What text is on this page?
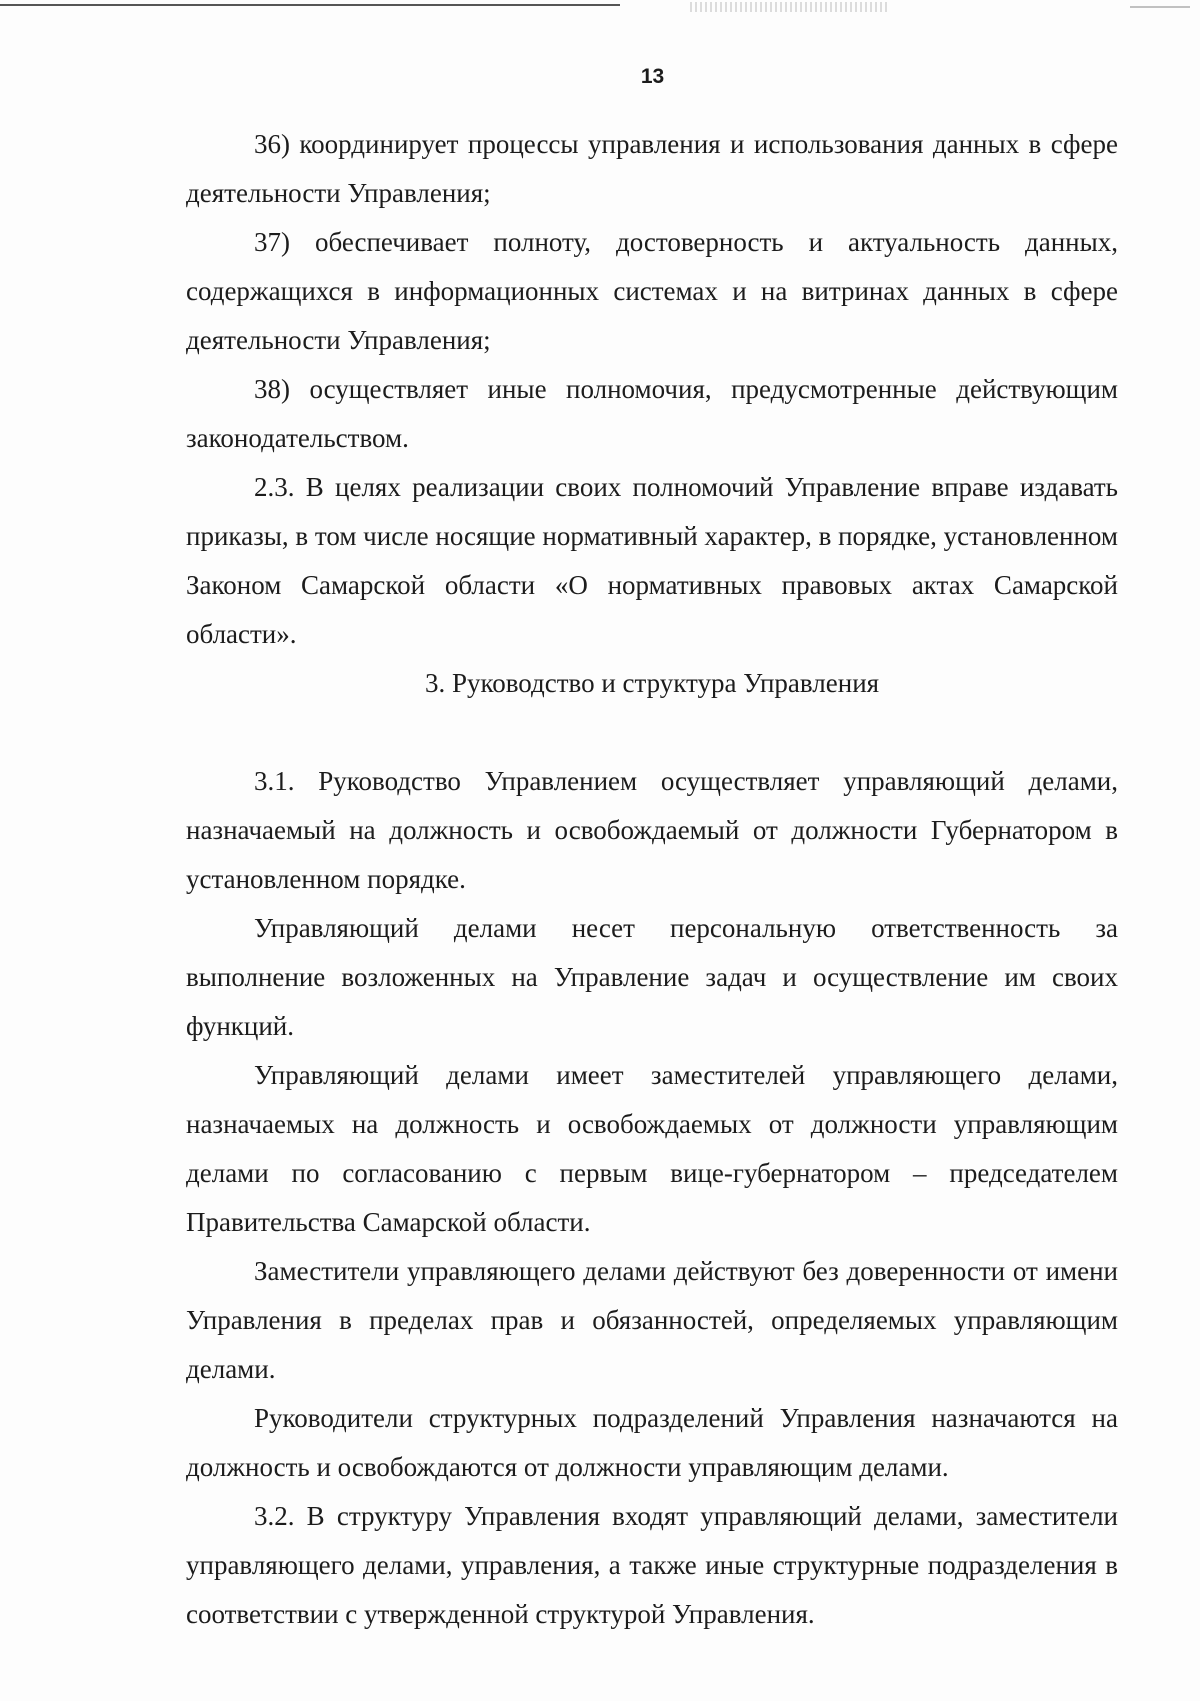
13

36) координирует процессы управления и использования данных в сфере деятельности Управления;

37) обеспечивает полноту, достоверность и актуальность данных, содержащихся в информационных системах и на витринах данных в сфере деятельности Управления;

38) осуществляет иные полномочия, предусмотренные действующим законодательством.

2.3. В целях реализации своих полномочий Управление вправе издавать приказы, в том числе носящие нормативный характер, в порядке, установленном Законом Самарской области «О нормативных правовых актах Самарской области».

3. Руководство и структура Управления

3.1. Руководство Управлением осуществляет управляющий делами, назначаемый на должность и освобождаемый от должности Губернатором в установленном порядке.

Управляющий делами несет персональную ответственность за выполнение возложенных на Управление задач и осуществление им своих функций.

Управляющий делами имеет заместителей управляющего делами, назначаемых на должность и освобождаемых от должности управляющим делами по согласованию с первым вице-губернатором – председателем Правительства Самарской области.

Заместители управляющего делами действуют без доверенности от имени Управления в пределах прав и обязанностей, определяемых управляющим делами.

Руководители структурных подразделений Управления назначаются на должность и освобождаются от должности управляющим делами.

3.2. В структуру Управления входят управляющий делами, заместители управляющего делами, управления, а также иные структурные подразделения в соответствии с утвержденной структурой Управления.
